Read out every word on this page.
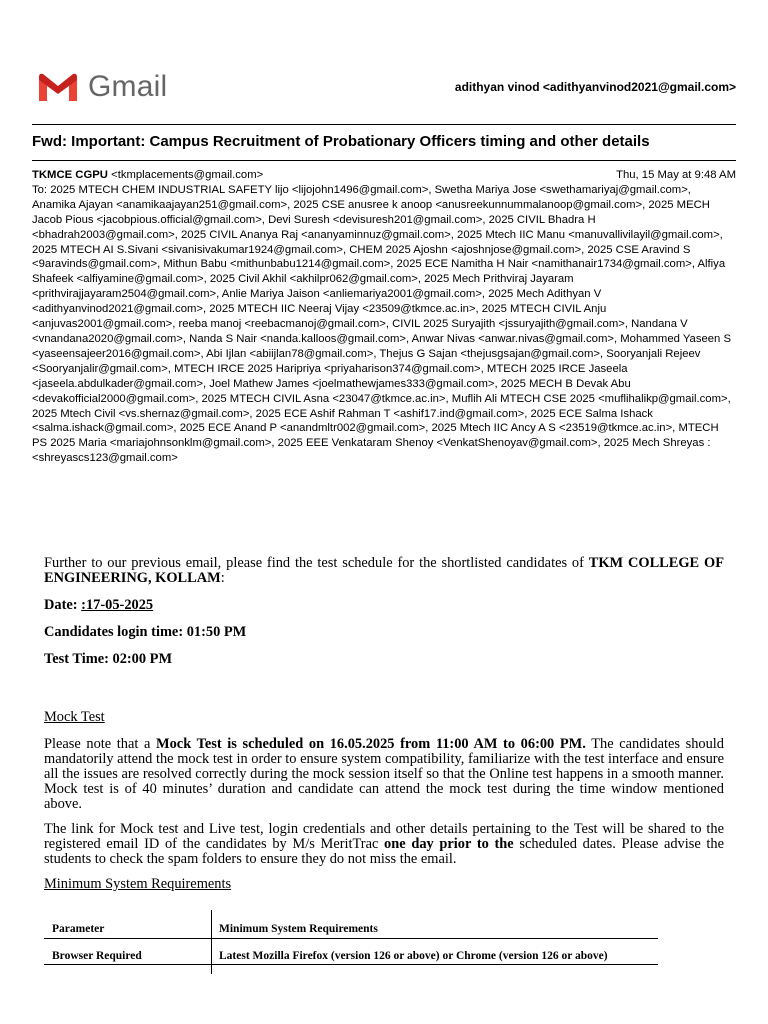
Gmail	adithyan vinod <adithyanvinod2021@gmail.com>
Fwd: Important: Campus Recruitment of Probationary Officers timing and other details
TKMCE CGPU <tkmplacements@gmail.com>	Thu, 15 May at 9:48 AM
To: 2025 MTECH CHEM INDUSTRIAL SAFETY lijo <lijojohn1496@gmail.com>, Swetha Mariya Jose <swethamariyaj@gmail.com>, Anamika Ajayan <anamikaajayan251@gmail.com>, 2025 CSE anusree k anoop <anusreekunnummalanoop@gmail.com>, 2025 MECH Jacob Pious <jacobpious.official@gmail.com>, Devi Suresh <devisuresh201@gmail.com>, 2025 CIVIL Bhadra H <bhadrah2003@gmail.com>, 2025 CIVIL Ananya Raj <ananyaminnuz@gmail.com>, 2025 Mtech IIC Manu <manuvallivilayil@gmail.com>, 2025 MTECH AI S.Sivani <sivanisivakumar1924@gmail.com>, CHEM 2025 Ajoshn <ajoshnjose@gmail.com>, 2025 CSE Aravind S <9aravinds@gmail.com>, Mithun Babu <mithunbabu1214@gmail.com>, 2025 ECE Namitha H Nair <namithanair1734@gmail.com>, Alfiya Shafeek <alfiyamine@gmail.com>, 2025 Civil Akhil <akhilpr062@gmail.com>, 2025 Mech Prithviraj Jayaram <prithvirajjayaram2504@gmail.com>, Anlie Mariya Jaison <anliemariya2001@gmail.com>, 2025 Mech Adithyan V <adithyanvinod2021@gmail.com>, 2025 MTECH IIC Neeraj Vijay <23509@tkmce.ac.in>, 2025 MTECH CIVIL Anju <anjuvas2001@gmail.com>, reeba manoj <reebacmanoj@gmail.com>, CIVIL 2025 Suryajith <jssuryajith@gmail.com>, Nandana V <vnandana2020@gmail.com>, Nanda S Nair <nanda.kalloos@gmail.com>, Anwar Nivas <anwar.nivas@gmail.com>, Mohammed Yaseen S <yaseensajeer2016@gmail.com>, Abi Ijlan <abiijlan78@gmail.com>, Thejus G Sajan <thejusgsajan@gmail.com>, Sooryanjali Rejeev <Sooryanjalir@gmail.com>, MTECH IRCE 2025 Haripriya <priyaharison374@gmail.com>, MTECH 2025 IRCE Jaseela <jaseela.abdulkader@gmail.com>, Joel Mathew James <joelmathewjames333@gmail.com>, 2025 MECH B Devak Abu <devakofficial2000@gmail.com>, 2025 MTECH CIVIL Asna <23047@tkmce.ac.in>, Muflih Ali MTECH CSE 2025 <muflihalikp@gmail.com>, 2025 Mtech Civil <vs.shernaz@gmail.com>, 2025 ECE Ashif Rahman T <ashif17.ind@gmail.com>, 2025 ECE Salma Ishack <salma.ishack@gmail.com>, 2025 ECE Anand P <anandmltr002@gmail.com>, 2025 Mtech IIC Ancy A S <23519@tkmce.ac.in>, MTECH PS 2025 Maria <mariajohnsonklm@gmail.com>, 2025 EEE Venkataram Shenoy <VenkatShenoyav@gmail.com>, 2025 Mech Shreyas : <shreyascs123@gmail.com>

Further to our previous email, please find the test schedule for the shortlisted candidates of TKM COLLEGE OF ENGINEERING, KOLLAM:

Date: :17-05-2025

Candidates login time: 01:50 PM

Test Time: 02:00 PM

Mock Test

Please note that a Mock Test is scheduled on 16.05.2025 from 11:00 AM to 06:00 PM. The candidates should mandatorily attend the mock test in order to ensure system compatibility, familiarize with the test interface and ensure all the issues are resolved correctly during the mock session itself so that the Online test happens in a smooth manner. Mock test is of 40 minutes’ duration and candidate can attend the mock test during the time window mentioned above.

The link for Mock test and Live test, login credentials and other details pertaining to the Test will be shared to the registered email ID of the candidates by M/s MeritTrac one day prior to the scheduled dates. Please advise the students to check the spam folders to ensure they do not miss the email.

Minimum System Requirements

Parameter	Minimum System Requirements
Browser Required	Latest Mozilla Firefox (version 126 or above) or Chrome (version 126 or above)
